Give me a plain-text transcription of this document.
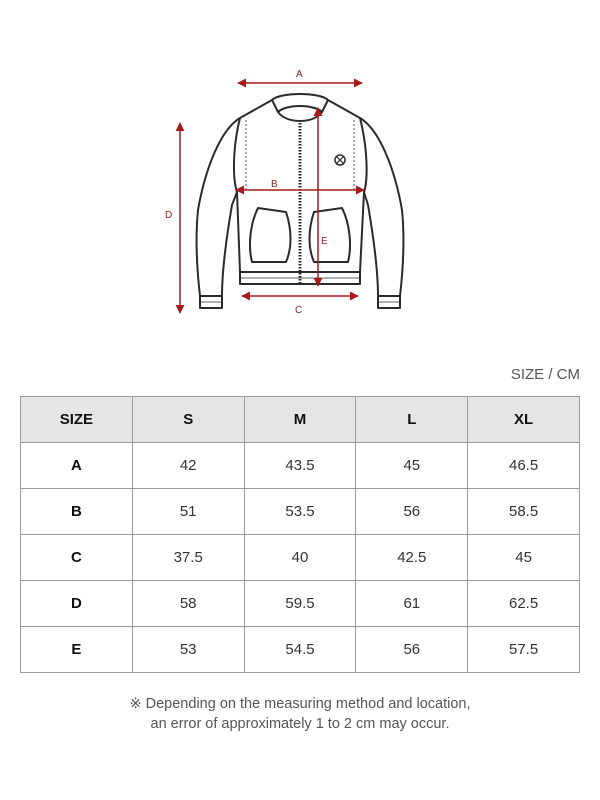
A
B
C
D
E
SIZE / CM
SIZE	S	M	L	XL
A	42	43.5	45	46.5
B	51	53.5	56	58.5
C	37.5	40	42.5	45
D	58	59.5	61	62.5
E	53	54.5	56	57.5
※ Depending on the measuring method and location,
an error of approximately 1 to 2 cm may occur.
